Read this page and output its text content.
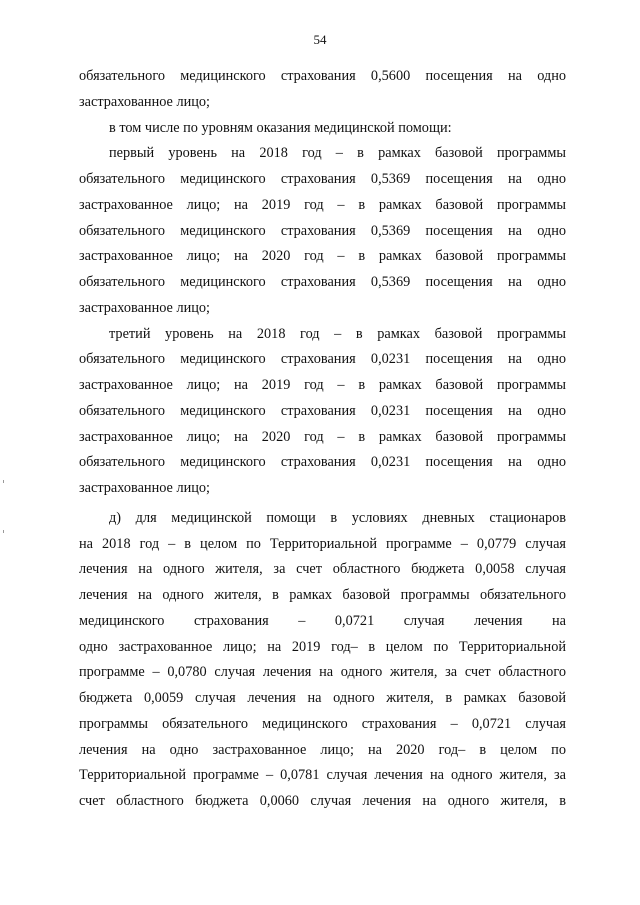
54
обязательного медицинского страхования 0,5600 посещения на одно
застрахованное лицо;
в том числе по уровням оказания медицинской помощи:
первый уровень на 2018 год – в рамках базовой программы
обязательного медицинского страхования 0,5369 посещения на одно
застрахованное лицо; на 2019 год – в рамках базовой программы
обязательного медицинского страхования 0,5369 посещения на одно
застрахованное лицо; на 2020 год – в рамках базовой программы
обязательного медицинского страхования 0,5369 посещения на одно
застрахованное лицо;
третий уровень на 2018 год – в рамках базовой программы
обязательного медицинского страхования 0,0231 посещения на одно
застрахованное лицо; на 2019 год – в рамках базовой программы
обязательного медицинского страхования 0,0231 посещения на одно
застрахованное лицо; на 2020 год – в рамках базовой программы
обязательного медицинского страхования 0,0231 посещения на одно
застрахованное лицо;
д) для медицинской помощи в условиях дневных стационаров
на 2018 год – в целом по Территориальной программе – 0,0779 случая
лечения на одного жителя, за счет областного бюджета 0,0058 случая
лечения на одного жителя, в рамках базовой программы обязательного
медицинского страхования – 0,0721 случая лечения на
одно застрахованное лицо; на 2019 год– в целом по Территориальной
программе – 0,0780 случая лечения на одного жителя, за счет областного
бюджета 0,0059 случая лечения на одного жителя, в рамках базовой
программы обязательного медицинского страхования – 0,0721 случая
лечения на одно застрахованное лицо; на 2020 год– в целом по
Территориальной программе – 0,0781 случая лечения на одного жителя, за
счет областного бюджета 0,0060 случая лечения на одного жителя, в
